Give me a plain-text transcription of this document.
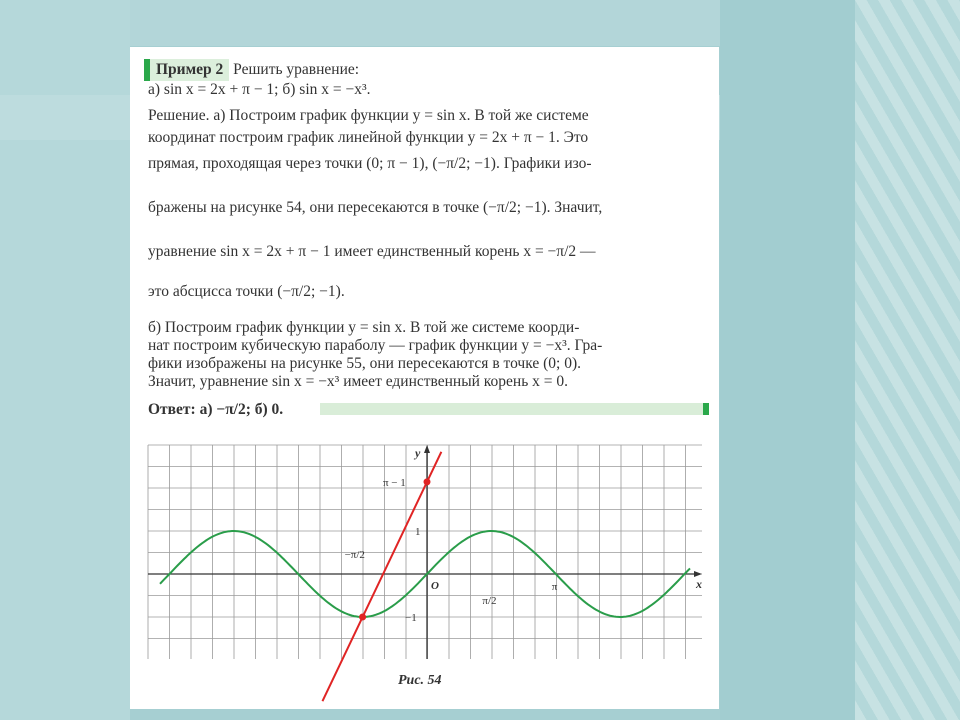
Пример 2 Решить уравнение:
а) sin x = 2x + π − 1; б) sin x = −x³.
Решение. а) Построим график функции y = sin x. В той же системе
координат построим график линейной функции y = 2x + π − 1. Это
прямая, проходящая через точки (0; π − 1), (−π/2; −1). Графики изо-
бражены на рисунке 54, они пересекаются в точке (−π/2; −1). Значит,
уравнение sin x = 2x + π − 1 имеет единственный корень x = −π/2 —
это абсцисса точки (−π/2; −1).
б) Построим график функции y = sin x. В той же системе коорди-
нат построим кубическую параболу — график функции y = −x³. Гра-
фики изображены на рисунке 55, они пересекаются в точке (0; 0).
Значит, уравнение sin x = −x³ имеет единственный корень x = 0.
Ответ: а) −π/2; б) 0.
y
x
O
π − 1
1
−1
−π/2
π/2
π
Рис. 54
